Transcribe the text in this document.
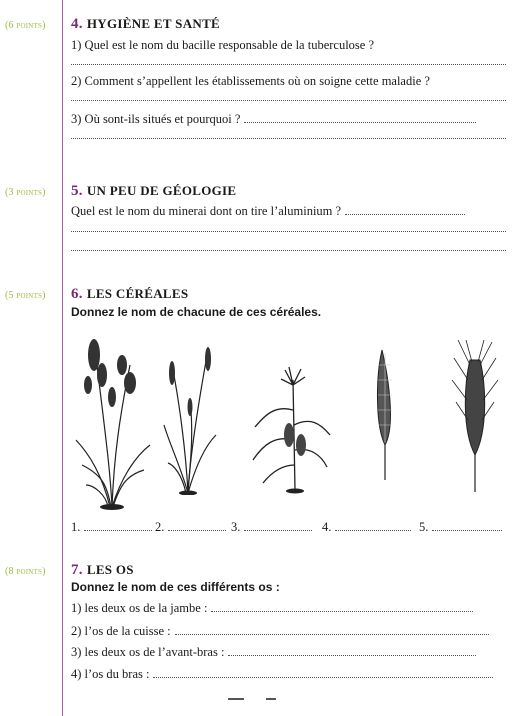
(6 points)	4. HYGIÈNE ET SANTÉ
1) Quel est le nom du bacille responsable de la tuberculose ?
2) Comment s’appellent les établissements où on soigne cette maladie ?
3) Où sont-ils situés et pourquoi ?
(3 points)	5. UN PEU DE GÉOLOGIE
Quel est le nom du minerai dont on tire l’aluminium ?
(5 points)	6. LES CÉRÉALES
Donnez le nom de chacune de ces céréales.
1.	2.	3.	4.	5.
(8 points)	7. LES OS
Donnez le nom de ces différents os :
1) les deux os de la jambe :
2) l’os de la cuisse :
3) les deux os de l’avant-bras :
4) l’os du bras :
